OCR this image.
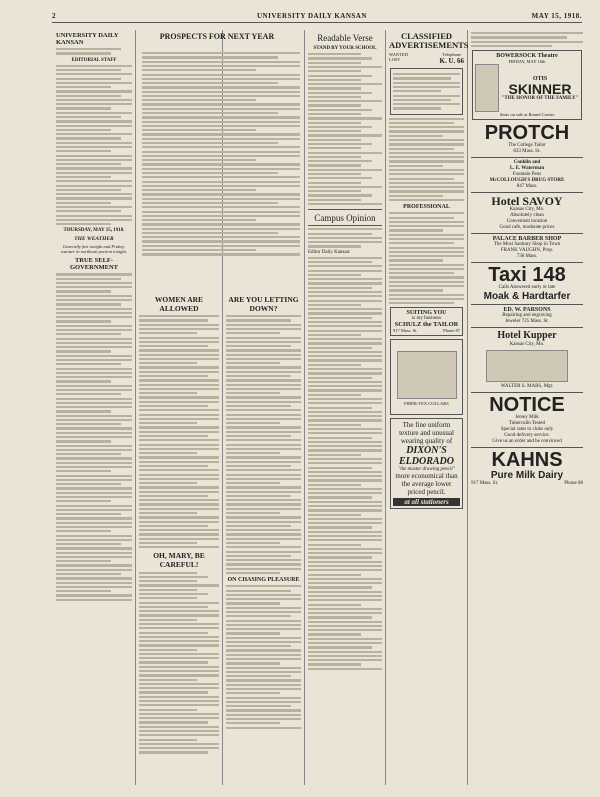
2	UNIVERSITY DAILY KANSAN	MAY 15, 1918.
UNIVERSITY DAILY KANSAN
EDITORIAL STAFF
THURSDAY, MAY 15, 1918.
THE WEATHER
Generally fair tonight and Friday; warmer in northeast portion tonight.
TRUE SELF-GOVERNMENT
PROSPECTS FOR NEXT YEAR
WOMEN ARE ALLOWED
OH, MARY, BE CAREFUL!
ARE YOU LETTING DOWN?
ON CHASING PLEASURE
Readable Verse
STAND BY YOUR SCHOOL
Campus Opinion
Editor Daily Kansan:
CLASSIFIED ADVERTISEMENTS
WANTED
LOST
Telephone
K. U. 66
PROFESSIONAL
SUITING YOU
is my business
SCHULZ the TAILOR
917 Mass. St.	Phone 87
FIBER-TEX COLLARS
The fine uniform texture and unusual wearing quality of
DIXON'S ELDORADO
"the master drawing pencil"
more economical than the average lower priced pencil.
at all stationers
BOWERSOCK Theatre
FRIDAY, MAY 16th
OTIS
SKINNER
"THE HONOR OF THE FAMILY"
Seats on sale at Round Corner
PROTCH
The College Tailor
833 Mass. St.
Conklin and
L. E. Waterman
Fountain Pens
McCOLLOUGH'S DRUG STORE
847 Mass.
Hotel SAVOY
Kansas City, Mo.
Absolutely clean
Convenient location
Good cafe, moderate prices
PALACE BARBER SHOP
The Most Sanitary Shop in Town
FRANK VAUGHN, Prop.
738 Mass.
Taxi 148
Calls Answered early or late
Moak & Hardtarfer
ED. W. PARSONS
Repairing and engraving
Jeweler 725 Mass. St.
Hotel Kupper
Kansas City, Mo.
WALTER S. MARS, Mgr.
NOTICE
Jersey Milk
Tuberculin Tested
Special rates to clubs only
Good delivery service.
Give us an order and be convinced
KAHNS
Pure Milk Dairy
917 Mass. St.	Phone 88
